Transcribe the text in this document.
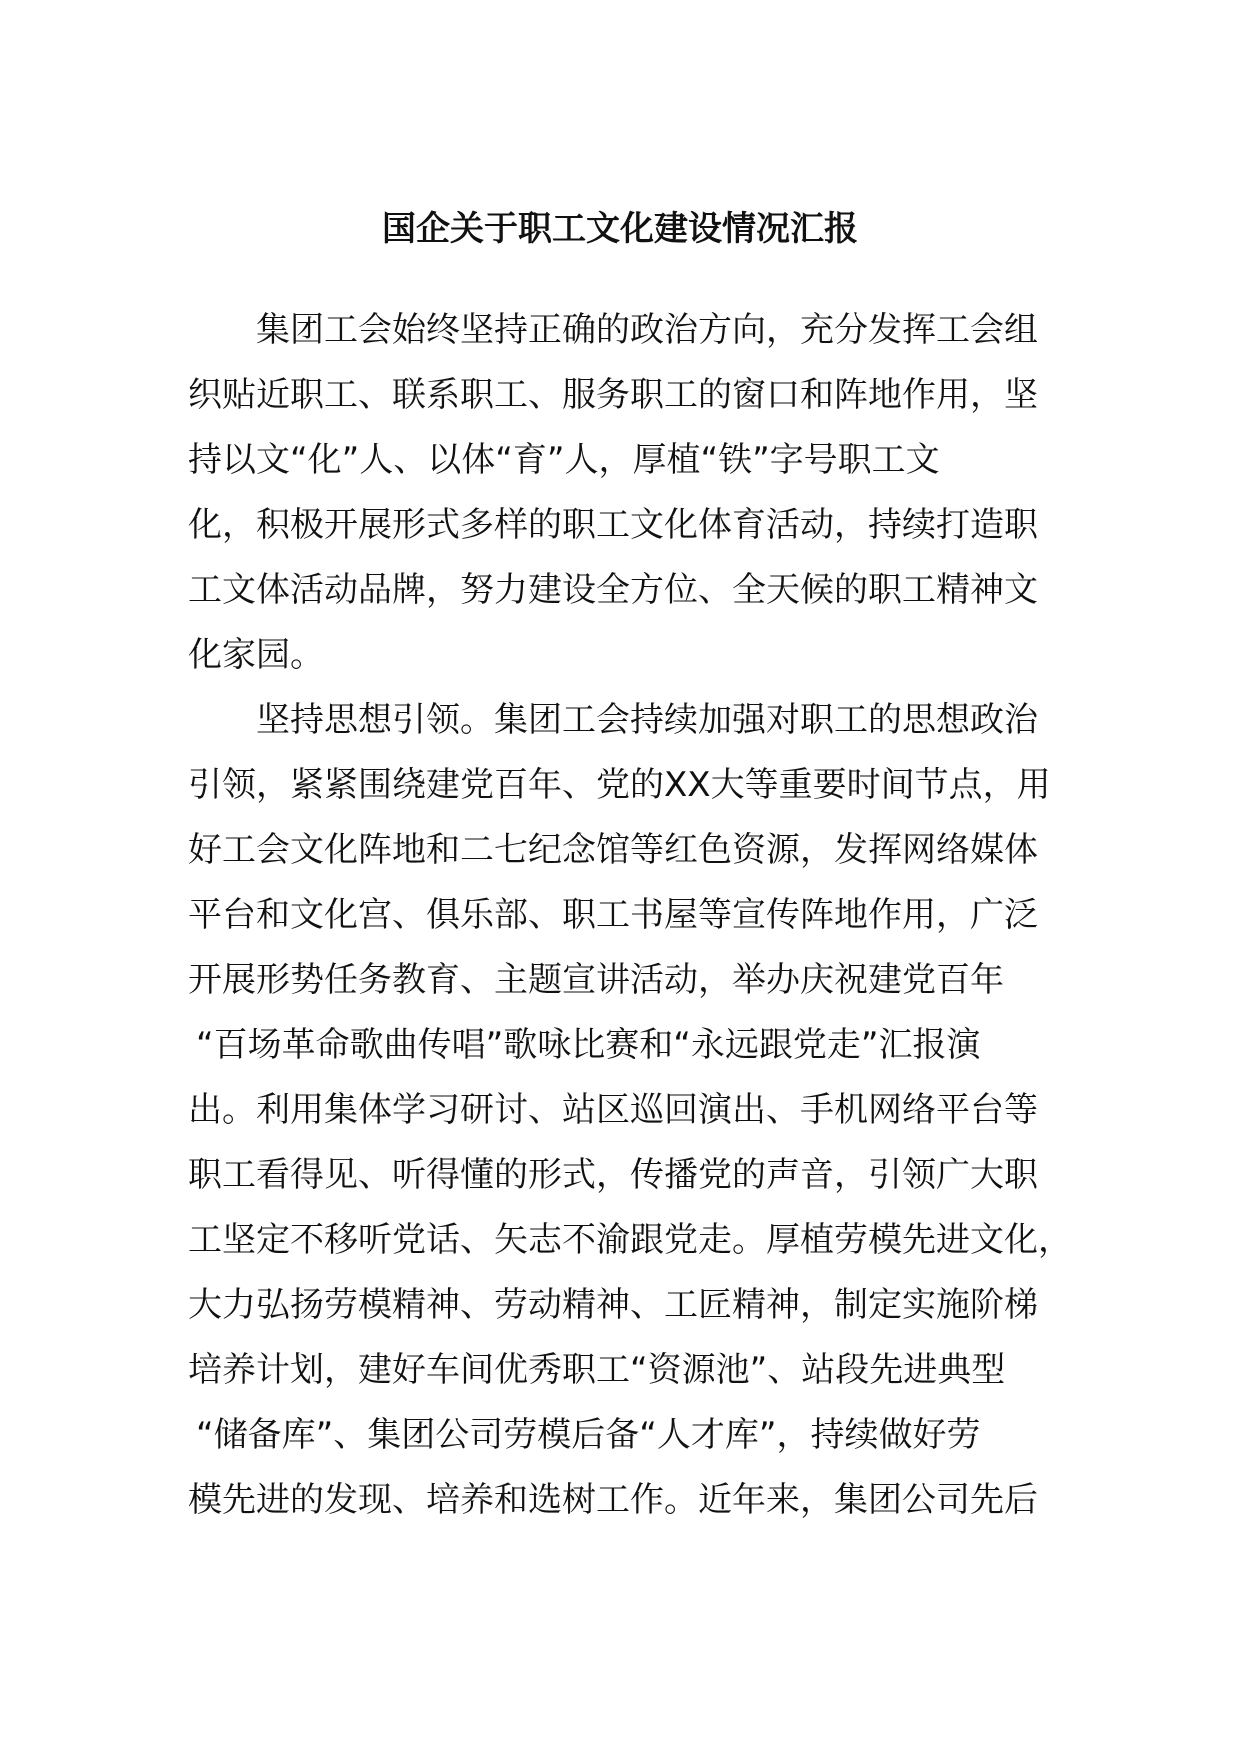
国企关于职工文化建设情况汇报

集团工会始终坚持正确的政治方向，充分发挥工会组

织贴近职工、联系职工、服务职工的窗口和阵地作用，坚

持以文“化”人、以体“育”人，厚植“铁”字号职工文

化，积极开展形式多样的职工文化体育活动，持续打造职

工文体活动品牌，努力建设全方位、全天候的职工精神文

化家园。

坚持思想引领。集团工会持续加强对职工的思想政治

引领，紧紧围绕建党百年、党的XX大等重要时间节点，用

好工会文化阵地和二七纪念馆等红色资源，发挥网络媒体

平台和文化宫、俱乐部、职工书屋等宣传阵地作用，广泛

开展形势任务教育、主题宣讲活动，举办庆祝建党百年

“百场革命歌曲传唱”歌咏比赛和“永远跟党走”汇报演

出。利用集体学习研讨、站区巡回演出、手机网络平台等

职工看得见、听得懂的形式，传播党的声音，引领广大职

工坚定不移听党话、矢志不渝跟党走。厚植劳模先进文化，

大力弘扬劳模精神、劳动精神、工匠精神，制定实施阶梯

培养计划，建好车间优秀职工“资源池”、站段先进典型

“储备库”、集团公司劳模后备“人才库”，持续做好劳

模先进的发现、培养和选树工作。近年来，集团公司先后
